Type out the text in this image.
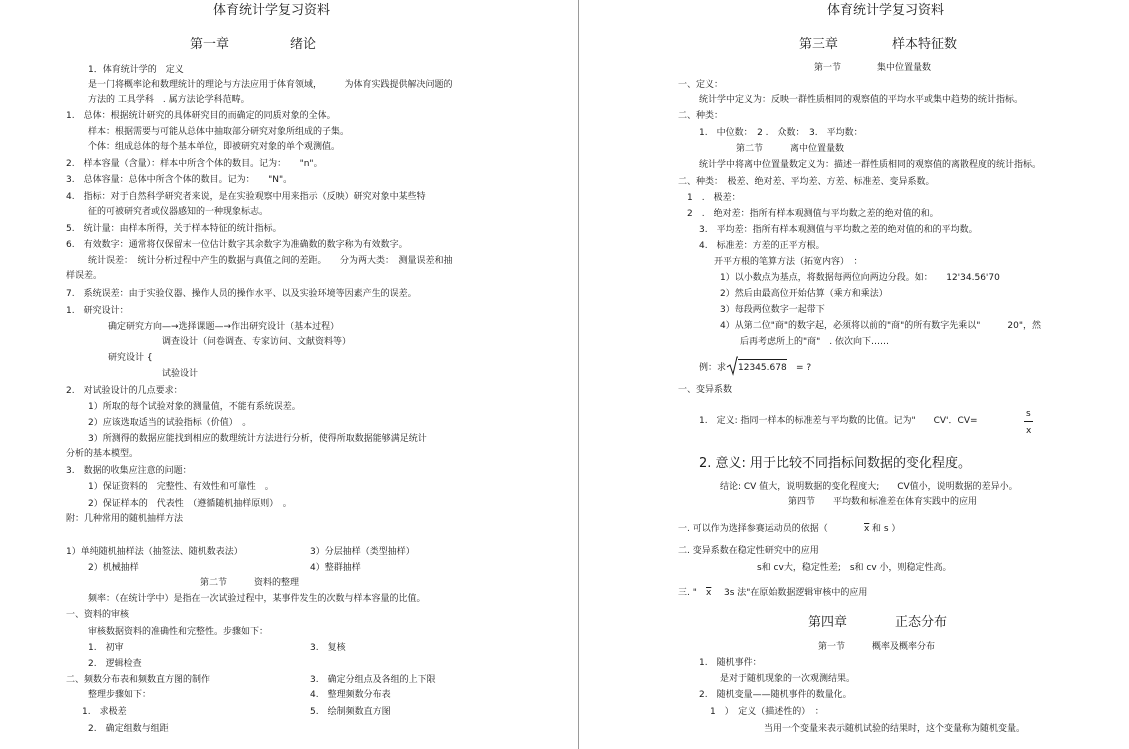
体育统计学复习资料
第一章	绪论
1．体育统计学的　定义
是一门将概率论和数理统计的理论与方法应用于体育领域，　　　为体育实践提供解决问题的
方法的 工具学科　. 属方法论学科范畴。
1.　总体：根据统计研究的具体研究目的而确定的同质对象的全体。
样本：根据需要与可能从总体中抽取部分研究对象所组成的子集。
个体：组成总体的每个基本单位，即被研究对象的单个观测值。
2.　样本容量（含量）：样本中所含个体的数目。记为：　　"n"。
3.　总体容量：总体中所含个体的数目。记为：　　"N"。
4.　指标：对于自然科学研究者来说，是在实验观察中用来指示（反映）研究对象中某些特
征的可被研究者或仪器感知的一种现象标志。
5.　统计量：由样本所得，关于样本特征的统计指标。
6.　有效数字：通常将仅保留末一位估计数字其余数字为准确数的数字称为有效数字。
统计误差：　统计分析过程中产生的数据与真值之间的差距。　　分为两大类：　测量误差和抽
样误差。
7.　系统误差：由于实验仪器、操作人员的操作水平、以及实验环境等因素产生的误差。
1.　研究设计：
确定研究方向—→选择课题—→作出研究设计（基本过程）
调查设计（问卷调查、专家访问、文献资料等）
研究设计 {
试验设计
2.　对试验设计的几点要求：
1）所取的每个试验对象的测量值，不能有系统误差。
2）应该选取适当的试验指标（价值）　。
3）所测得的数据应能找到相应的数理统计方法进行分析，使得所取数据能够满足统计
分析的基本模型。
3.　数据的收集应注意的问题：
1）保证资料的　完整性、有效性和可靠性　。
2）保证样本的　代表性　（遵循随机抽样原则）　。
附：几种常用的随机抽样方法
1）单纯随机抽样法（抽签法、随机数表法）	3）分层抽样（类型抽样）
2）机械抽样	4）整群抽样
第二节　　　资料的整理
频率：（在统计学中）是指在一次试验过程中，某事件发生的次数与样本容量的比值。
一、资料的审核
审核数据资料的准确性和完整性。步骤如下：
1.　初审	3.　复核
2.　逻辑检查
二、频数分布表和频数直方图的制作	3.　确定分组点及各组的上下限
整理步骤如下：	4.　整理频数分布表
1.　求极差	5.　绘制频数直方图
2.　确定组数与组距
体育统计学复习资料
第三章	样本特征数
第一节　　　　集中位置量数
一、定义：
统计学中定义为：反映一群性质相同的观察值的平均水平或集中趋势的统计指标。
二、种类：
1.　中位数：　2 .　众数：　3.　平均数：
第二节　　　离中位置量数
统计学中将离中位置量数定义为：描述一群性质相同的观察值的离散程度的统计指标。
二、种类：　极差、绝对差、平均差、方差、标准差、变异系数。
1　.　极差：
2　.　绝对差：指所有样本观测值与平均数之差的绝对值的和。
3.　平均差：指所有样本观测值与平均数之差的绝对值的和的平均数。
4.　标准差：方差的正平方根。
开平方根的笔算方法（拓宽内容）　：
1）以小数点为基点，将数据每两位向两边分段。如：　　12'34.56'70
2）然后由最高位开始估算（乘方和乘法）
3）每段两位数字一起带下
4）从第二位"商"的数字起，必须将以前的"商"的所有数字先乘以"　　　20"，然
后再考虑所上的"商"　. 依次向下……
例：求 12345.678 = ?
一、变异系数
1.　定义: 指同一样本的标准差与平均数的比值。记为"　　CV'．CV=
s
x
2. 意义: 用于比较不同指标间数据的变化程度。
结论: CV 值大，说明数据的变化程度大;　　CV值小，说明数据的差异小。
第四节　　平均数和标准差在体育实践中的应用
一. 可以作为选择参赛运动员的依据（	$\overline{x}$ 和 s ）
二. 变异系数在稳定性研究中的应用
s和 cv大，稳定性差;　s和 cv 小，则稳定性高。
三. " $\overline{x}$ 3s 法"在原始数据逻辑审核中的应用
第四章	正态分布
第一节　　　概率及概率分布
1.　随机事件：
是对于随机现象的一次观测结果。
2.　随机变量——随机事件的数量化。
1　）　定义（描述性的）　：
当用一个变量来表示随机试验的结果时，这个变量称为随机变量。
